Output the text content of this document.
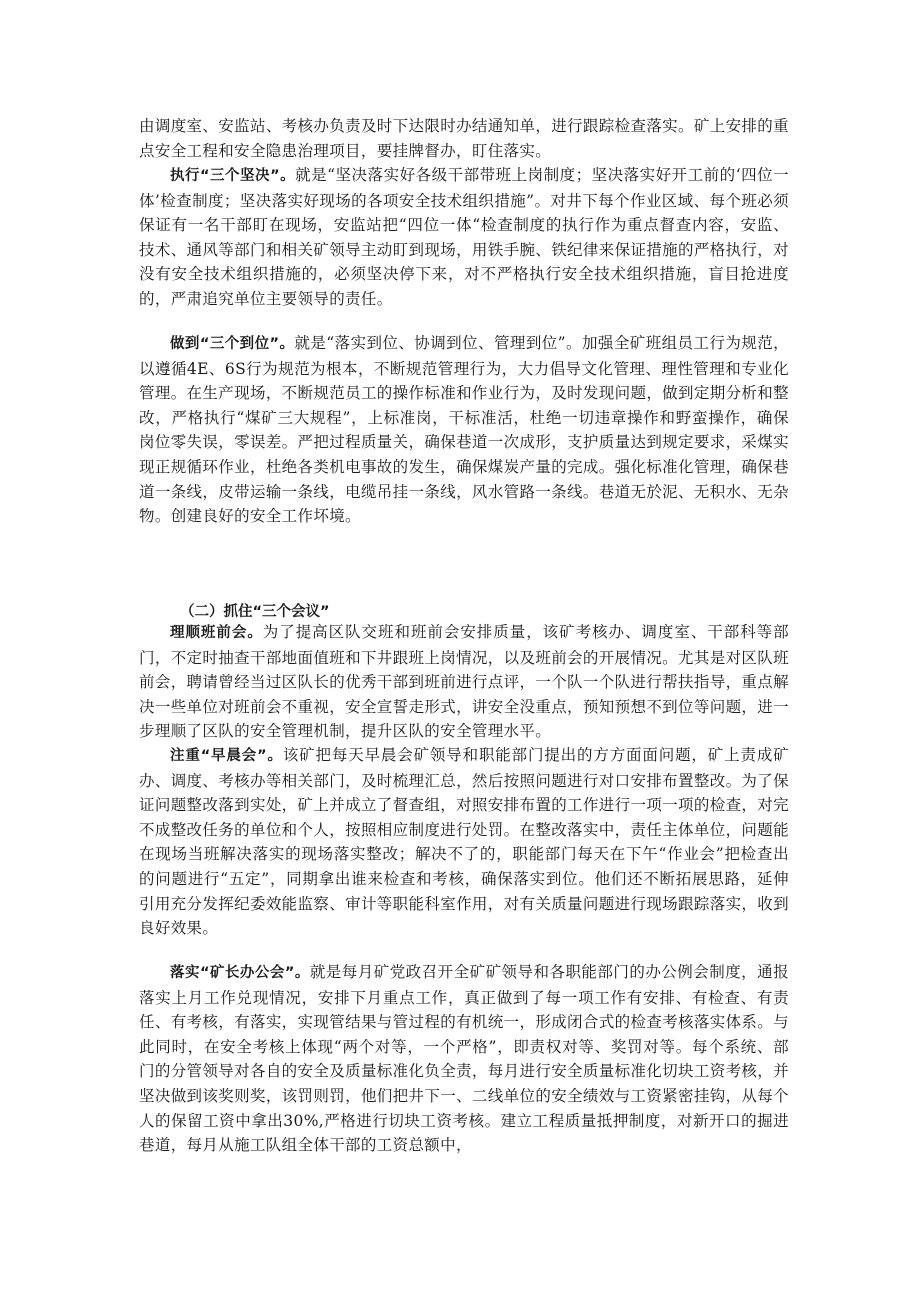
由调度室、安监站、考核办负责及时下达限时办结通知单，进行跟踪检查落实。矿上安排的重点安全工程和安全隐患治理项目，要挂牌督办，盯住落实。

执行“三个坚决”。就是“坚决落实好各级干部带班上岗制度；坚决落实好开工前的‘四位一体’检查制度；坚决落实好现场的各项安全技术组织措施”。对井下每个作业区域、每个班必须保证有一名干部盯在现场，安监站把“四位一体“检查制度的执行作为重点督查内容，安监、技术、通风等部门和相关矿领导主动盯到现场，用铁手腕、铁纪律来保证措施的严格执行，对没有安全技术组织措施的，必须坚决停下来，对不严格执行安全技术组织措施，盲目抢进度的，严肃追究单位主要领导的责任。

做到“三个到位”。就是“落实到位、协调到位、管理到位”。加强全矿班组员工行为规范，以遵循4E、6S行为规范为根本，不断规范管理行为，大力倡导文化管理、理性管理和专业化管理。在生产现场，不断规范员工的操作标准和作业行为，及时发现问题，做到定期分析和整改，严格执行“煤矿三大规程”，上标准岗，干标准活，杜绝一切违章操作和野蛮操作，确保岗位零失误，零误差。严把过程质量关，确保巷道一次成形，支护质量达到规定要求，采煤实现正规循环作业，杜绝各类机电事故的发生，确保煤炭产量的完成。强化标准化管理，确保巷道一条线，皮带运输一条线，电缆吊挂一条线，风水管路一条线。巷道无於泥、无积水、无杂物。创建良好的安全工作坏境。

（二）抓住“三个会议”

理顺班前会。为了提高区队交班和班前会安排质量，该矿考核办、调度室、干部科等部门，不定时抽查干部地面值班和下井跟班上岗情况，以及班前会的开展情况。尤其是对区队班前会，聘请曾经当过区队长的优秀干部到班前进行点评，一个队一个队进行帮扶指导，重点解决一些单位对班前会不重视，安全宣誓走形式，讲安全没重点，预知预想不到位等问题，进一步理顺了区队的安全管理机制，提升区队的安全管理水平。

注重“早晨会”。该矿把每天早晨会矿领导和职能部门提出的方方面面问题，矿上责成矿办、调度、考核办等相关部门，及时梳理汇总，然后按照问题进行对口安排布置整改。为了保证问题整改落到实处，矿上并成立了督查组，对照安排布置的工作进行一项一项的检查，对完不成整改任务的单位和个人，按照相应制度进行处罚。在整改落实中，责任主体单位，问题能在现场当班解决落实的现场落实整改；解决不了的，职能部门每天在下午“作业会”把检查出的问题进行“五定”，同期拿出谁来检查和考核，确保落实到位。他们还不断拓展思路，延伸引用充分发挥纪委效能监察、审计等职能科室作用，对有关质量问题进行现场跟踪落实，收到良好效果。

落实“矿长办公会”。就是每月矿党政召开全矿矿领导和各职能部门的办公例会制度，通报落实上月工作兑现情况，安排下月重点工作，真正做到了每一项工作有安排、有检查、有责任、有考核，有落实，实现管结果与管过程的有机统一，形成闭合式的检查考核落实体系。与此同时，在安全考核上体现“两个对等，一个严格”，即责权对等、奖罚对等。每个系统、部门的分管领导对各自的安全及质量标准化负全责，每月进行安全质量标准化切块工资考核，并坚决做到该奖则奖，该罚则罚，他们把井下一、二线单位的安全绩效与工资紧密挂钩，从每个人的保留工资中拿出30%,严格进行切块工资考核。建立工程质量抵押制度，对新开口的掘进巷道，每月从施工队组全体干部的工资总额中，
